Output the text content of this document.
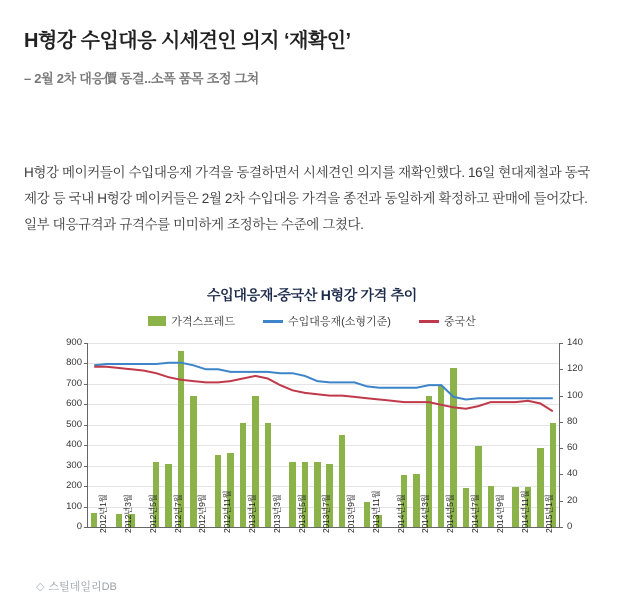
H형강 수입대응 시세견인 의지 ‘재확인’
– 2월 2차 대응價 동결..소폭 품목 조정 그쳐
H형강 메이커들이 수입대응재 가격을 동결하면서 시세견인 의지를 재확인했다. 16일 현대제철과 동국제강 등 국내 H형강 메이커들은 2월 2차 수입대응 가격을 종전과 동일하게 확정하고 판매에 들어갔다. 일부 대응규격과 규격수를 미미하게 조정하는 수준에 그쳤다.
수입대응재-중국산 H형강 가격 추이
가격스프레드	수입대응재(소형기준)	중국산
0
100
200
300
400
500
600
700
800
900
0
20
40
60
80
100
120
140
2012년1월 2012년3월 2012년5월 2012년7월 2012년9월 2012년11월 2013년1월 2013년3월 2013년5월 2013년7월 2013년9월 2013년11월 2014년1월 2014년3월 2014년5월 2014년7월 2014년9월 2014년11월 2015년1월
◇ 스틸데일리DB
